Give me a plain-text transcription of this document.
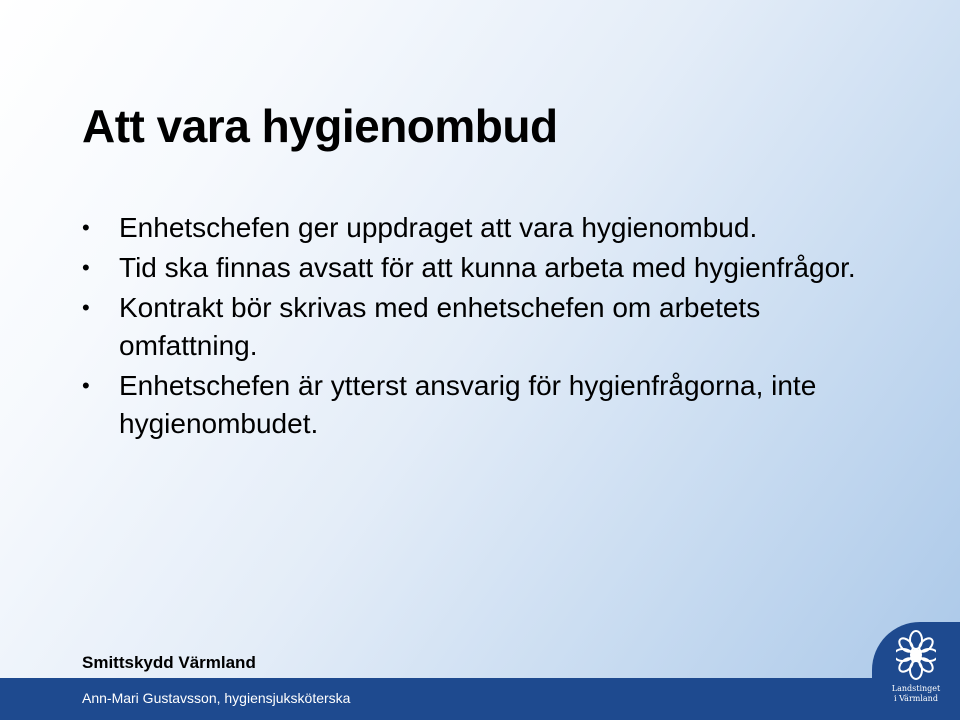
Att vara hygienombud
•	Enhetschefen ger uppdraget att vara hygienombud.
•	Tid ska finnas avsatt för att kunna arbeta med hygienfrågor.
•	Kontrakt bör skrivas med enhetschefen om arbetets omfattning.
•	Enhetschefen är ytterst ansvarig för hygienfrågorna, inte hygienombudet.
Smittskydd Värmland
Ann-Mari Gustavsson, hygiensjuksköterska
Landstinget
i Värmland
